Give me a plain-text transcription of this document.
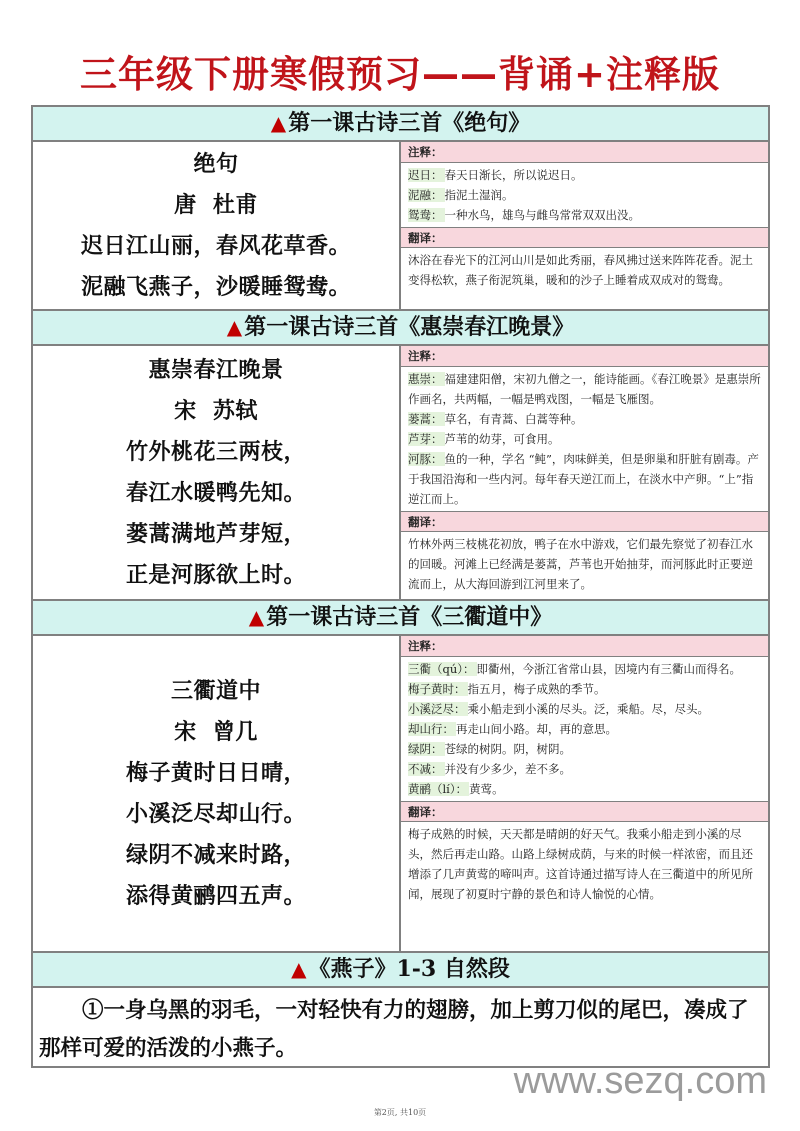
三年级下册寒假预习——背诵+注释版
▲第一课古诗三首《绝句》
绝句
唐  杜甫
迟日江山丽，春风花草香。
泥融飞燕子，沙暖睡鸳鸯。
注释：
迟日： 春天日渐长，所以说迟日。
泥融： 指泥土湿润。
鸳鸯： 一种水鸟，雄鸟与雌鸟常常双双出没。
翻译：
沐浴在春光下的江河山川是如此秀丽，春风拂过送来阵阵花香。泥土变得松软，燕子衔泥筑巢，暖和的沙子上睡着成双成对的鸳鸯。
▲第一课古诗三首《惠崇春江晚景》
惠崇春江晚景
宋  苏轼
竹外桃花三两枝，
春江水暖鸭先知。
蒌蒿满地芦芽短，
正是河豚欲上时。
注释：
惠崇： 福建建阳僧，宋初九僧之一，能诗能画。《春江晚景》是惠崇所作画名，共两幅，一幅是鸭戏图，一幅是飞雁图。
蒌蒿： 草名，有青蒿、白蒿等种。
芦芽： 芦苇的幼芽，可食用。
河豚： 鱼的一种，学名 “鲀”，肉味鲜美，但是卵巢和肝脏有剧毒。产于我国沿海和一些内河。每年春天逆江而上，在淡水中产卵。“上”指逆江而上。
翻译：
竹林外两三枝桃花初放，鸭子在水中游戏，它们最先察觉了初春江水的回暖。河滩上已经满是蒌蒿，芦苇也开始抽芽，而河豚此时正要逆流而上，从大海回游到江河里来了。
▲第一课古诗三首《三衢道中》
三衢道中
宋  曾几
梅子黄时日日晴，
小溪泛尽却山行。
绿阴不减来时路，
添得黄鹂四五声。
注释：
三衢（qú）： 即衢州，今浙江省常山县，因境内有三衢山而得名。
梅子黄时： 指五月，梅子成熟的季节。
小溪泛尽： 乘小船走到小溪的尽头。泛，乘船。尽，尽头。
却山行： 再走山间小路。却，再的意思。
绿阴： 苍绿的树阴。阴，树阴。
不减： 并没有少多少，差不多。
黄鹂（lí）： 黄莺。
翻译：
梅子成熟的时候，天天都是晴朗的好天气。我乘小船走到小溪的尽头，然后再走山路。山路上绿树成荫，与来的时候一样浓密，而且还增添了几声黄莺的啼叫声。这首诗通过描写诗人在三衢道中的所见所闻，展现了初夏时宁静的景色和诗人愉悦的心情。
▲《燕子》1-3 自然段
①一身乌黑的羽毛，一对轻快有力的翅膀，加上剪刀似的尾巴，凑成了那样可爱的活泼的小燕子。
www.sezq.com
第2页, 共10页
